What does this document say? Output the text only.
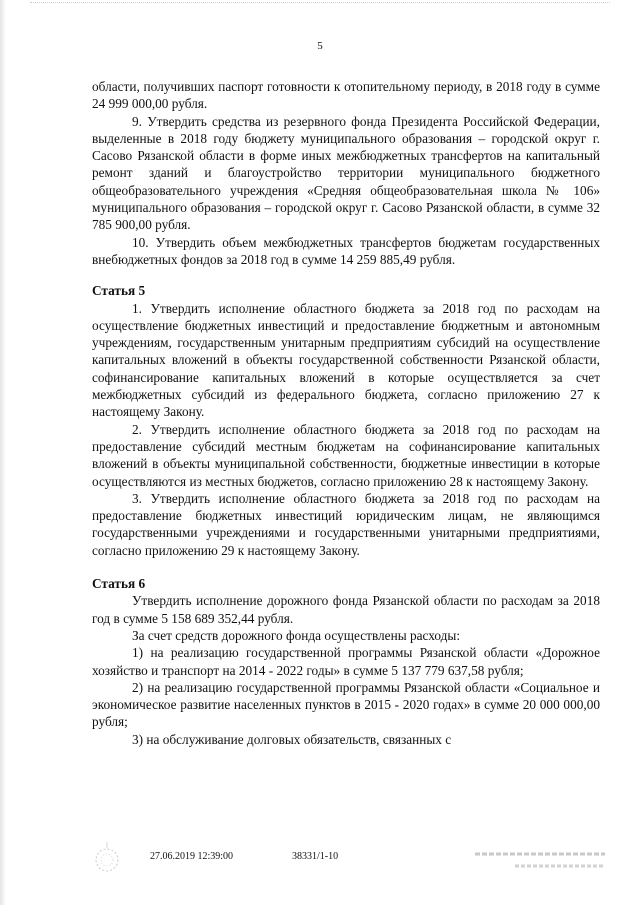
5

области, получивших паспорт готовности к отопительному периоду, в 2018 году в сумме 24 999 000,00 рубля.

9. Утвердить средства из резервного фонда Президента Российской Федерации, выделенные в 2018 году бюджету муниципального образования – городской округ г. Сасово Рязанской области в форме иных межбюджетных трансфертов на капитальный ремонт зданий и благоустройство территории муниципального бюджетного общеобразовательного учреждения «Средняя общеобразовательная школа № 106» муниципального образования – городской округ г. Сасово Рязанской области, в сумме 32 785 900,00 рубля.

10. Утвердить объем межбюджетных трансфертов бюджетам государственных внебюджетных фондов за 2018 год в сумме 14 259 885,49 рубля.

Статья 5

1. Утвердить исполнение областного бюджета за 2018 год по расходам на осуществление бюджетных инвестиций и предоставление бюджетным и автономным учреждениям, государственным унитарным предприятиям субсидий на осуществление капитальных вложений в объекты государственной собственности Рязанской области, софинансирование капитальных вложений в которые осуществляется за счет межбюджетных субсидий из федерального бюджета, согласно приложению 27 к настоящему Закону.

2. Утвердить исполнение областного бюджета за 2018 год по расходам на предоставление субсидий местным бюджетам на софинансирование капитальных вложений в объекты муниципальной собственности, бюджетные инвестиции в которые осуществляются из местных бюджетов, согласно приложению 28 к настоящему Закону.

3. Утвердить исполнение областного бюджета за 2018 год по расходам на предоставление бюджетных инвестиций юридическим лицам, не являющимся государственными учреждениями и государственными унитарными предприятиями, согласно приложению 29 к настоящему Закону.

Статья 6

Утвердить исполнение дорожного фонда Рязанской области по расходам за 2018 год в сумме 5 158 689 352,44 рубля.

За счет средств дорожного фонда осуществлены расходы:

1) на реализацию государственной программы Рязанской области «Дорожное хозяйство и транспорт на 2014 - 2022 годы» в сумме 5 137 779 637,58 рубля;

2) на реализацию государственной программы Рязанской области «Социальное и экономическое развитие населенных пунктов в 2015 - 2020 годах» в сумме 20 000 000,00 рубля;

3) на обслуживание долговых обязательств, связанных с

27.06.2019 12:39:00	38331/1-10
